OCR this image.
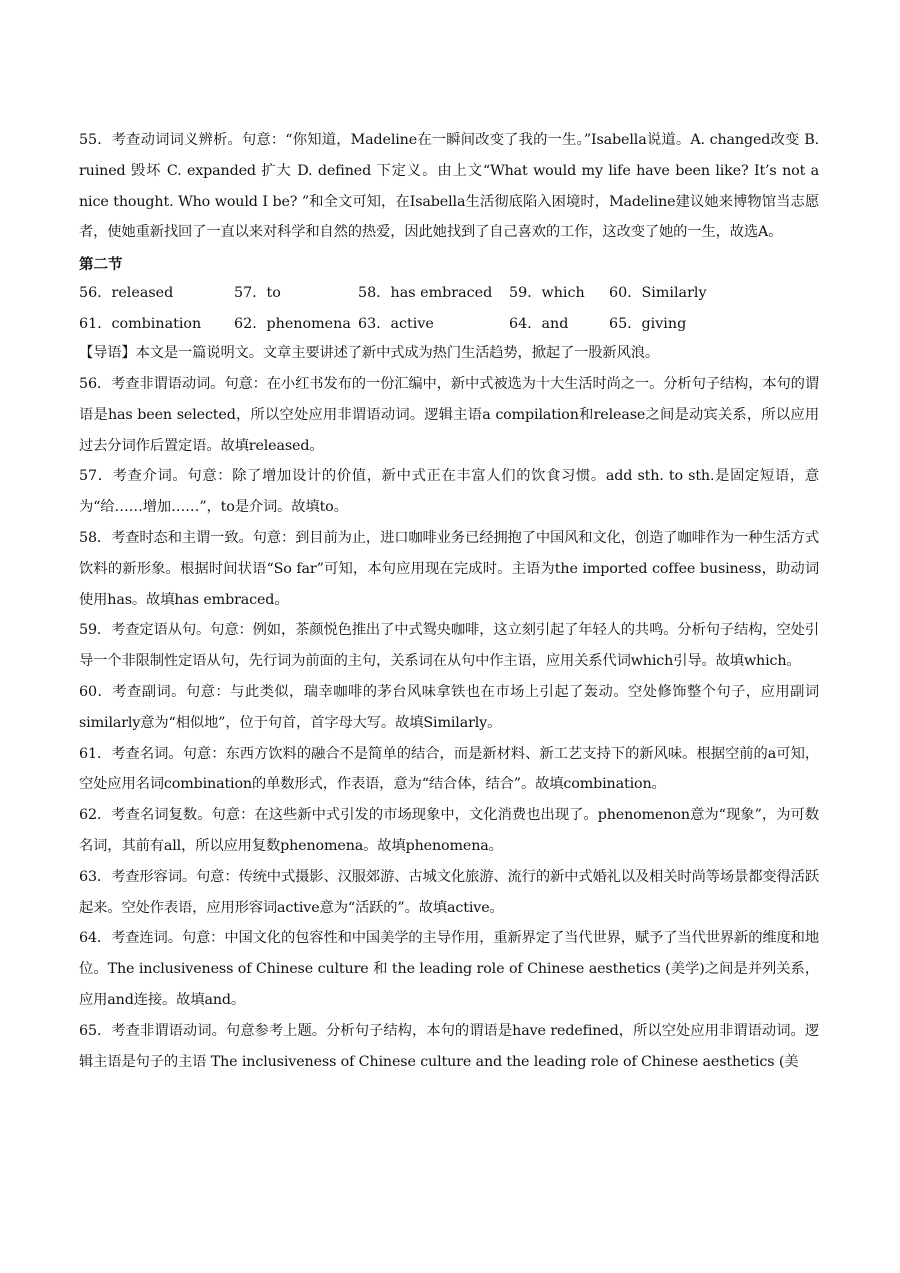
55．考查动词词义辨析。句意：“你知道，Madeline在一瞬间改变了我的一生。”Isabella说道。A. changed改变 B. ruined 毁坏 C. expanded 扩大 D. defined 下定义。由上文“What would my life have been like? It’s not a nice thought. Who would I be? ”和全文可知，在Isabella生活彻底陷入困境时，Madeline建议她来博物馆当志愿者，使她重新找回了一直以来对科学和自然的热爱，因此她找到了自己喜欢的工作，这改变了她的一生，故选A。

第二节
56．released	57．to	58．has embraced	59．which	60．Similarly
61．combination	62．phenomena 63．active	64．and	65．giving

【导语】本文是一篇说明文。文章主要讲述了新中式成为热门生活趋势，掀起了一股新风浪。

56．考查非谓语动词。句意：在小红书发布的一份汇编中，新中式被选为十大生活时尚之一。分析句子结构，本句的谓语是has been selected，所以空处应用非谓语动词。逻辑主语a compilation和release之间是动宾关系，所以应用过去分词作后置定语。故填released。

57．考查介词。句意：除了增加设计的价值，新中式正在丰富人们的饮食习惯。add sth. to sth.是固定短语，意为“给……增加……”，to是介词。故填to。

58．考查时态和主谓一致。句意：到目前为止，进口咖啡业务已经拥抱了中国风和文化，创造了咖啡作为一种生活方式饮料的新形象。根据时间状语“So far”可知，本句应用现在完成时。主语为the imported coffee business，助动词使用has。故填has embraced。

59．考查定语从句。句意：例如，茶颜悦色推出了中式鸳央咖啡，这立刻引起了年轻人的共鸣。分析句子结构，空处引导一个非限制性定语从句，先行词为前面的主句，关系词在从句中作主语，应用关系代词which引导。故填which。

60．考查副词。句意：与此类似，瑞幸咖啡的茅台风味拿铁也在市场上引起了轰动。空处修饰整个句子，应用副词similarly意为“相似地”，位于句首，首字母大写。故填Similarly。

61．考查名词。句意：东西方饮料的融合不是简单的结合，而是新材料、新工艺支持下的新风味。根据空前的a可知，空处应用名词combination的单数形式，作表语，意为“结合体，结合”。故填combination。

62．考查名词复数。句意：在这些新中式引发的市场现象中，文化消费也出现了。phenomenon意为“现象”，为可数名词，其前有all，所以应用复数phenomena。故填phenomena。

63．考查形容词。句意：传统中式摄影、汉服郊游、古城文化旅游、流行的新中式婚礼以及相关时尚等场景都变得活跃起来。空处作表语，应用形容词active意为“活跃的”。故填active。

64．考查连词。句意：中国文化的包容性和中国美学的主导作用，重新界定了当代世界，赋予了当代世界新的维度和地位。The inclusiveness of Chinese culture 和 the leading role of Chinese aesthetics (美学)之间是并列关系，应用and连接。故填and。

65．考查非谓语动词。句意参考上题。分析句子结构，本句的谓语是have redefined，所以空处应用非谓语动词。逻辑主语是句子的主语 The inclusiveness of Chinese culture and the leading role of Chinese aesthetics (美
